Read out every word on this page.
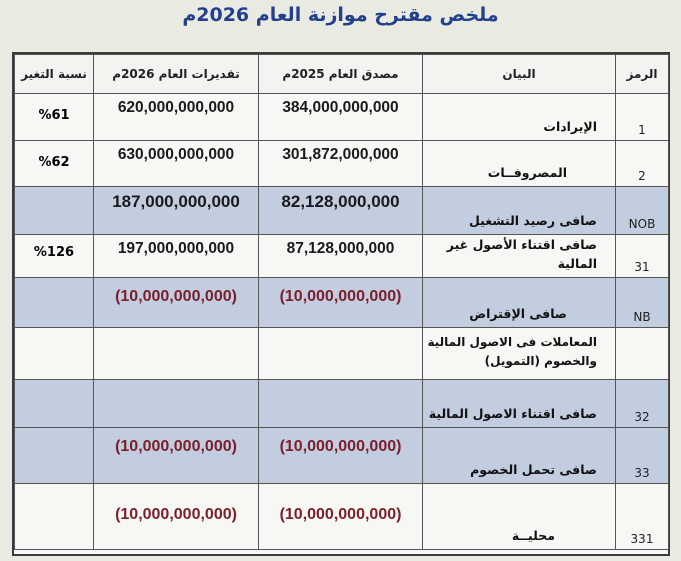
ملخص مقترح موازنة العام 2026م
الرمز	البيان	مصدق العام 2025م	تقديرات العام 2026م	نسبة التغير
1	الإيرادات	384,000,000,000	620,000,000,000	%61
2	المصروفــات	301,872,000,000	630,000,000,000	%62
NOB	صافى رصيد التشغيل	82,128,000,000	187,000,000,000	
31	صافى اقتناء الأصول غير المالية	87,128,000,000	197,000,000,000	%126
NB	صافى الإقتراض	(10,000,000,000)	(10,000,000,000)	
	المعاملات فى الاصول المالية والخصوم (التمويل)			
32	صافى اقتناء الاصول المالية			
33	صافى تحمل الخصوم	(10,000,000,000)	(10,000,000,000)	
331	محليــة	(10,000,000,000)	(10,000,000,000)	
